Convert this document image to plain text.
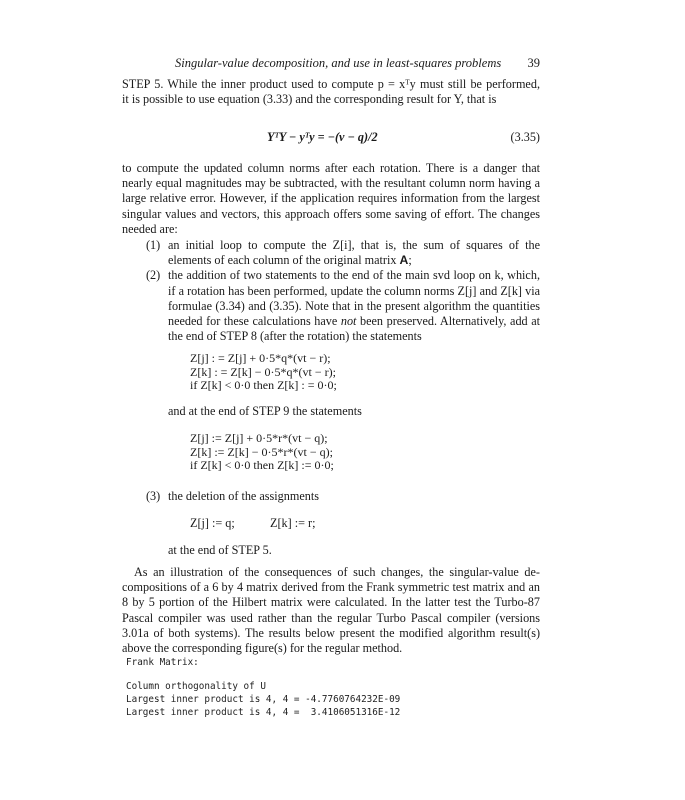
Singular-value decomposition, and use in least-squares problems 39
STEP 5. While the inner product used to compute p = xᵀy must still be performed,
it is possible to use equation (3.33) and the corresponding result for Y, that is
YᵀY − yᵀy = −(v − q)/2	(3.35)
to compute the updated column norms after each rotation. There is a danger that
nearly equal magnitudes may be subtracted, with the resultant column norm having a
large relative error. However, if the application requires information from the largest
singular values and vectors, this approach offers some saving of effort. The changes
needed are:
(1) an initial loop to compute the Z[i], that is, the sum of squares of the elements of each column of the original matrix A;
(2) the addition of two statements to the end of the main svd loop on k, which, if a rotation has been performed, update the column norms Z[j] and Z[k] via formulae (3.34) and (3.35). Note that in the present algorithm the quantities needed for these calculations have not been preserved. Alternatively, add at the end of STEP 8 (after the rotation) the statements
Z[j] : = Z[j] + 0·5*q*(vt − r);
Z[k] : = Z[k] − 0·5*q*(vt − r);
if Z[k] < 0·0 then Z[k] : = 0·0;
and at the end of STEP 9 the statements
Z[j] := Z[j] + 0·5*r*(vt − q);
Z[k] := Z[k] − 0·5*r*(vt − q);
if Z[k] < 0·0 then Z[k] := 0·0;
(3) the deletion of the assignments
Z[j] := q;	Z[k] := r;
at the end of STEP 5.
As an illustration of the consequences of such changes, the singular-value de-
compositions of a 6 by 4 matrix derived from the Frank symmetric test matrix and an
8 by 5 portion of the Hilbert matrix were calculated. In the latter test the Turbo-87
Pascal compiler was used rather than the regular Turbo Pascal compiler (versions
3.01a of both systems). The results below present the modified algorithm result(s)
above the corresponding figure(s) for the regular method.
Frank Matrix:
Column orthogonality of U
Largest inner product is 4, 4 = -4.7760764232E-09
Largest inner product is 4, 4 =  3.4106051316E-12
